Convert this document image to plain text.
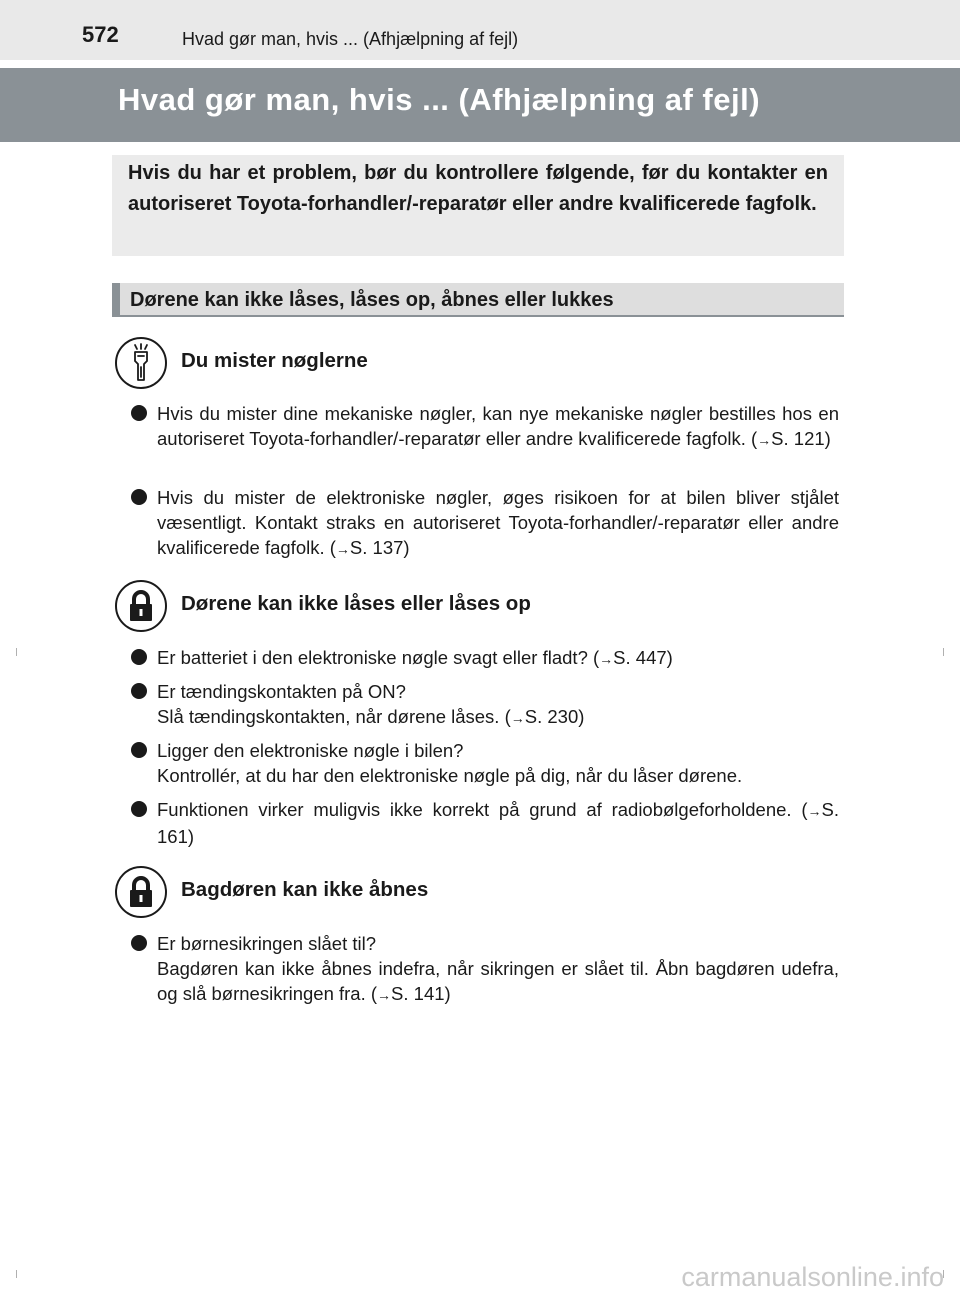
572	Hvad gør man, hvis ... (Afhjælpning af fejl)
Hvad gør man, hvis ... (Afhjælpning af fejl)

Hvis du har et problem, bør du kontrollere følgende, før du kontakter en autoriseret Toyota-forhandler/-reparatør eller andre kvalificerede fagfolk.

Dørene kan ikke låses, låses op, åbnes eller lukkes
Du mister nøglerne

Hvis du mister dine mekaniske nøgler, kan nye mekaniske nøgler bestilles hos en autoriseret Toyota-forhandler/-reparatør eller andre kvalificerede fagfolk. (→S. 121)

Hvis du mister de elektroniske nøgler, øges risikoen for at bilen bliver stjålet væsentligt. Kontakt straks en autoriseret Toyota-forhandler/-reparatør eller andre kvalificerede fagfolk. (→S. 137)

Dørene kan ikke låses eller låses op

Er batteriet i den elektroniske nøgle svagt eller fladt? (→S. 447)

Er tændingskontakten på ON?
Slå tændingskontakten, når dørene låses. (→S. 230)

Ligger den elektroniske nøgle i bilen?
Kontrollér, at du har den elektroniske nøgle på dig, når du låser dørene.

Funktionen virker muligvis ikke korrekt på grund af radiobølgeforholdene. (→S. 161)

Bagdøren kan ikke åbnes

Er børnesikringen slået til?
Bagdøren kan ikke åbnes indefra, når sikringen er slået til. Åbn bagdøren udefra, og slå børnesikringen fra. (→S. 141)

carmanualsonline.info
